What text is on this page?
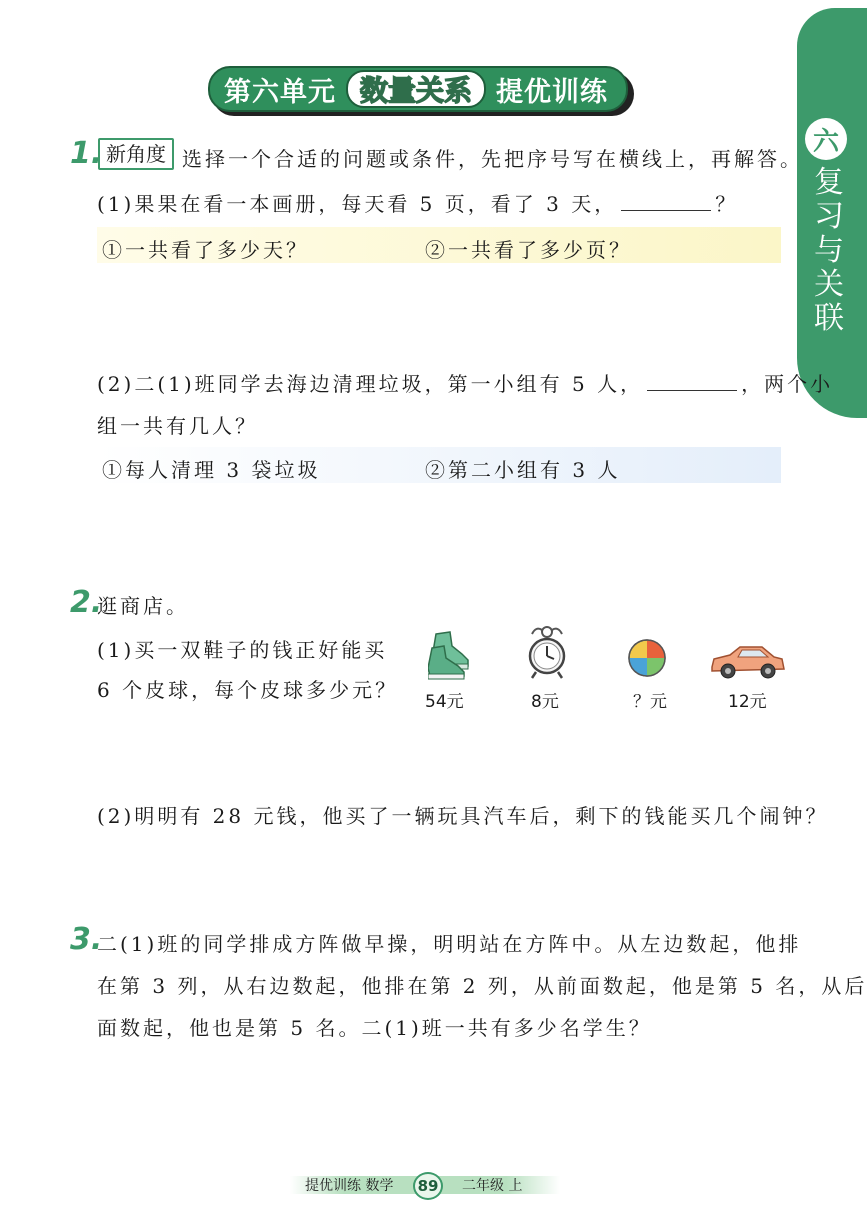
六
复
习
与
关
联
第六单元 数量关系 提优训练
1 . 新角度 选择一个合适的问题或条件，先把序号写在横线上，再解答。
(1)果果在看一本画册，每天看 5 页，看了 3 天，	？
①一共看了多少天？	②一共看了多少页？
(2)二(1)班同学去海边清理垃圾，第一小组有 5 人，	，两个小
组一共有几人？
①每人清理 3 袋垃圾	②第二小组有 3 人
2 . 逛商店。
(1)买一双鞋子的钱正好能买
6 个皮球，每个皮球多少元？ 54元	8元	？元	12元
(2)明明有 28 元钱，他买了一辆玩具汽车后，剩下的钱能买几个闹钟？
3 . 二(1)班的同学排成方阵做早操，明明站在方阵中。从左边数起，他排
在第 3 列，从右边数起，他排在第 2 列，从前面数起，他是第 5 名，从后
面数起，他也是第 5 名。二(1)班一共有多少名学生？
提优训练 数学	89	二年级 上
